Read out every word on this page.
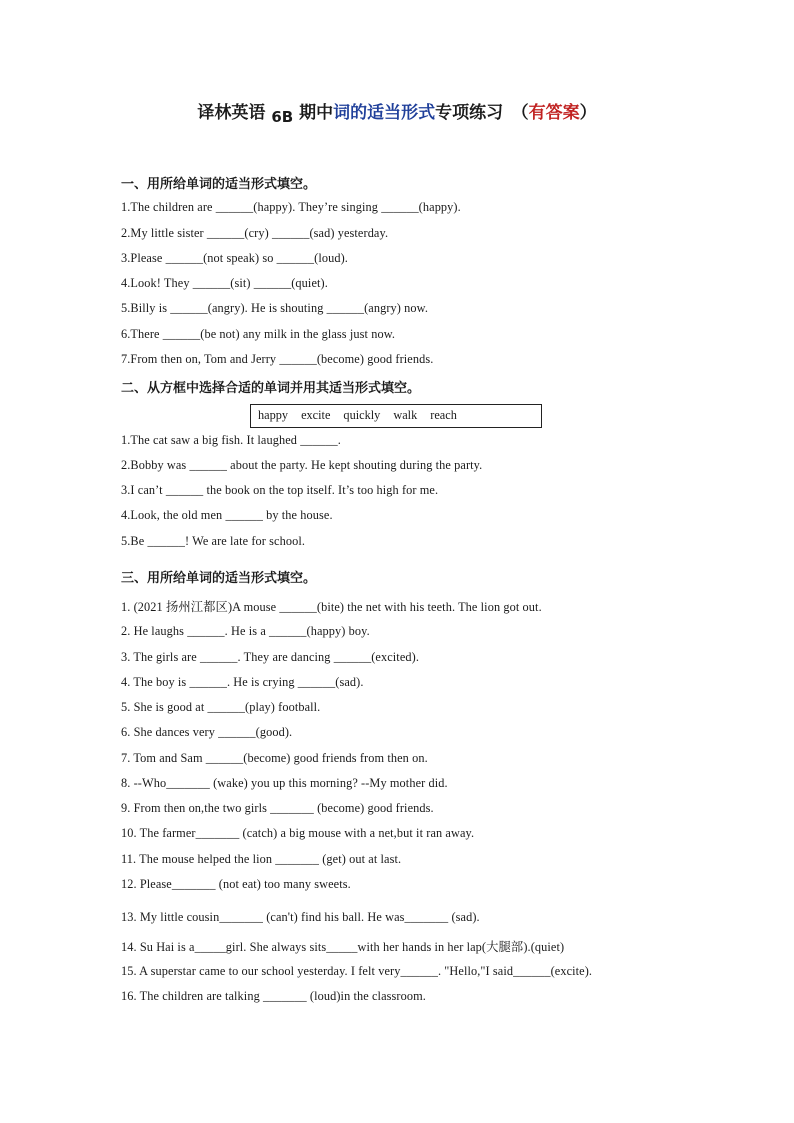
译林英语 6B 期中词的适当形式专项练习　（有答案）
一、用所给单词的适当形式填空。
1.The children are ______(happy). They’re singing ______(happy).
2.My little sister ______(cry) ______(sad) yesterday.
3.Please ______(not speak) so ______(loud).
4.Look! They ______(sit) ______(quiet).
5.Billy is ______(angry). He is shouting ______(angry) now.
6.There ______(be not) any milk in the glass just now.
7.From then on, Tom and Jerry ______(become) good friends.
二、从方框中选择合适的单词并用其适当形式填空。
happy excite quickly walk reach
1.The cat saw a big fish. It laughed ______.
2.Bobby was ______ about the party. He kept shouting during the party.
3.I can’t ______ the book on the top itself. It’s too high for me.
4.Look, the old men ______ by the house.
5.Be ______! We are late for school.
三、用所给单词的适当形式填空。
1. (2021 扬州江都区)A mouse ______(bite) the net with his teeth. The lion got out.
2. He laughs ______. He is a ______(happy) boy.
3. The girls are ______. They are dancing ______(excited).
4. The boy is ______. He is crying ______(sad).
5. She is good at ______(play) football.
6. She dances very ______(good).
7. Tom and Sam ______(become) good friends from then on.
8. --Who_______ (wake) you up this morning? --My mother did.
9. From then on,the two girls _______ (become) good friends.
10. The farmer_______ (catch) a big mouse with a net,but it ran away.
11. The mouse helped the lion _______ (get) out at last.
12. Please_______ (not eat) too many sweets.
13. My little cousin_______ (can't) find his ball. He was_______ (sad).
14. Su Hai is a_____girl. She always sits_____with her hands in her lap(大腿部).(quiet)
15. A superstar came to our school yesterday. I felt very______. "Hello,"I said______(excite).
16. The children are talking _______ (loud)in the classroom.
